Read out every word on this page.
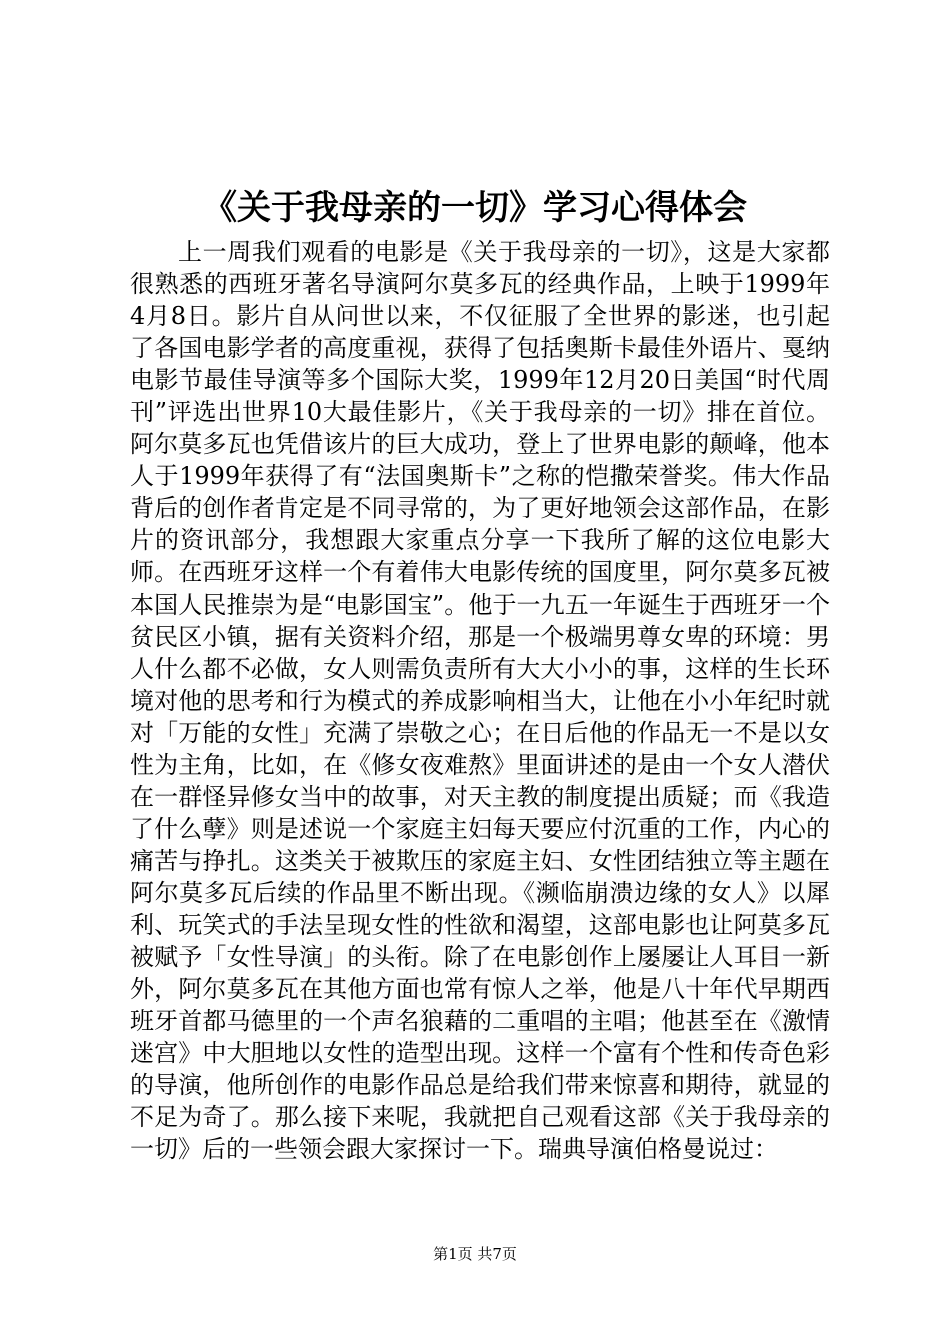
《关于我母亲的一切》学习心得体会

上一周我们观看的电影是《关于我母亲的一切》，这是大家都很熟悉的西班牙著名导演阿尔莫多瓦的经典作品，上映于1999年4月8日。影片自从问世以来，不仅征服了全世界的影迷，也引起了各国电影学者的高度重视，获得了包括奥斯卡最佳外语片、戛纳电影节最佳导演等多个国际大奖，1999年12月20日美国“时代周刊”评选出世界10大最佳影片，《关于我母亲的一切》排在首位。阿尔莫多瓦也凭借该片的巨大成功，登上了世界电影的颠峰，他本人于1999年获得了有“法国奥斯卡”之称的恺撒荣誉奖。伟大作品背后的创作者肯定是不同寻常的，为了更好地领会这部作品，在影片的资讯部分，我想跟大家重点分享一下我所了解的这位电影大师。在西班牙这样一个有着伟大电影传统的国度里，阿尔莫多瓦被本国人民推崇为是“电影国宝”。他于一九五一年诞生于西班牙一个贫民区小镇，据有关资料介绍，那是一个极端男尊女卑的环境：男人什么都不必做，女人则需负责所有大大小小的事，这样的生长环境对他的思考和行为模式的养成影响相当大，让他在小小年纪时就对「万能的女性」充满了崇敬之心；在日后他的作品无一不是以女性为主角，比如，在《修女夜难熬》里面讲述的是由一个女人潜伏在一群怪异修女当中的故事，对天主教的制度提出质疑；而《我造了什么孽》则是述说一个家庭主妇每天要应付沉重的工作，内心的痛苦与挣扎。这类关于被欺压的家庭主妇、女性团结独立等主题在阿尔莫多瓦后续的作品里不断出现。《濒临崩溃边缘的女人》以犀利、玩笑式的手法呈现女性的性欲和渴望，这部电影也让阿莫多瓦被赋予「女性导演」的头衔。除了在电影创作上屡屡让人耳目一新外，阿尔莫多瓦在其他方面也常有惊人之举，他是八十年代早期西班牙首都马德里的一个声名狼藉的二重唱的主唱；他甚至在《激情迷宫》中大胆地以女性的造型出现。这样一个富有个性和传奇色彩的导演，他所创作的电影作品总是给我们带来惊喜和期待，就显的不足为奇了。那么接下来呢，我就把自己观看这部《关于我母亲的一切》后的一些领会跟大家探讨一下。瑞典导演伯格曼说过：

第1页 共7页
